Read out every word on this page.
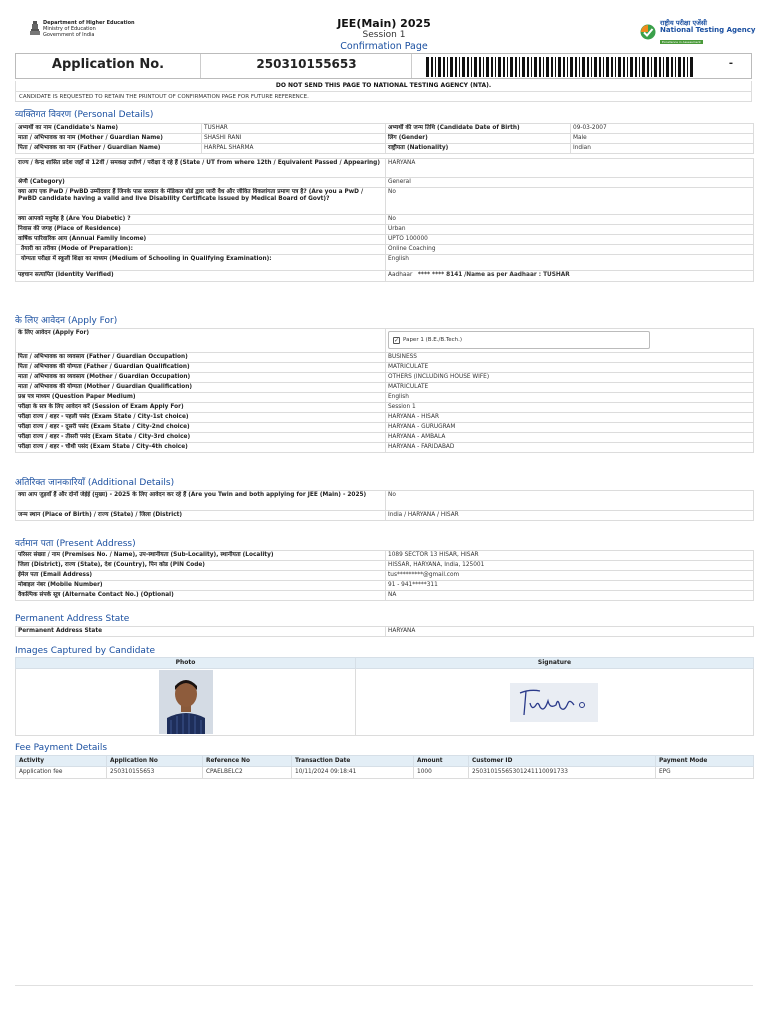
Department of Higher Education
Ministry of Education
Government of India
JEE(Main) 2025
Session 1
Confirmation Page
राष्ट्रीय परीक्षा एजेंसी
National Testing Agency
Excellence in Assessment
Application No.	250310155653	-
DO NOT SEND THIS PAGE TO NATIONAL TESTING AGENCY (NTA).
CANDIDATE IS REQUESTED TO RETAIN THE PRINTOUT OF CONFIRMATION PAGE FOR FUTURE REFERENCE.
व्यक्तिगत विवरण (Personal Details)
अभ्यर्थी का नाम (Candidate's Name)	TUSHAR	अभ्यर्थी की जन्म तिथि (Candidate Date of Birth)	09-03-2007
माता / अभिभावक का नाम (Mother / Guardian Name)	SHASHI RANI	लिंग (Gender)	Male
पिता / अभिभावक का नाम (Father / Guardian Name)	HARPAL SHARMA	राष्ट्रीयता (Nationality)	Indian
राज्य / केन्द्र शासित प्रदेश जहाँ से 12वीं / समकक्ष उत्तीर्ण / परीक्षा दे रहे हैं (State / UT from where 12th / Equivalent Passed / Appearing)	HARYANA
श्रेणी (Category)	General
क्या आप एक PwD / PwBD उम्मीदवार हैं जिनके पास सरकार के मेडिकल बोर्ड द्वारा जारी वैध और जीवित विकलांगता प्रमाण पत्र है? (Are you a PwD / PwBD candidate having a valid and live Disability Certificate issued by Medical Board of Govt)?	No
क्या आपको मधुमेह है (Are You Diabetic) ?	No
निवास की जगह (Place of Residence)	Urban
वार्षिक पारिवारिक आय (Annual Family Income)	UPTO 100000
तैयारी का तरीका (Mode of Preparation):	Online Coaching
योग्यता परीक्षा में स्कूली शिक्षा का माध्यम (Medium of Schooling in Qualifying Examination):	English
पहचान सत्यापित (Identity Verified)	Aadhaar **** **** 8141 /Name as per Aadhaar : TUSHAR
के लिए आवेदन (Apply For)
के लिए आवेदन (Apply For)	✓ Paper 1 (B.E./B.Tech.)

पिता / अभिभावक का व्यवसाय (Father / Guardian Occupation)	BUSINESS
पिता / अभिभावक की योग्यता (Father / Guardian Qualification)	MATRICULATE
माता / अभिभावक का व्यवसाय (Mother / Guardian Occupation)	OTHERS (INCLUDING HOUSE WIFE)
माता / अभिभावक की योग्यता (Mother / Guardian Qualification)	MATRICULATE
प्रश्न पत्र माध्यम (Question Paper Medium)	English
परीक्षा के सत्र के लिए आवेदन करें (Session of Exam Apply For)	Session 1
परीक्षा राज्य / शहर - पहली पसंद (Exam State / City-1st choice)	HARYANA - HISAR
परीक्षा राज्य / शहर - दूसरी पसंद (Exam State / City-2nd choice)	HARYANA - GURUGRAM
परीक्षा राज्य / शहर - तीसरी पसंद (Exam State / City-3rd choice)	HARYANA - AMBALA
परीक्षा राज्य / शहर - चौथी पसंद (Exam State / City-4th choice)	HARYANA - FARIDABAD
अतिरिक्त जानकारियाँ (Additional Details)
क्या आप जुड़वाँ हैं और दोनों जेईई (मुख्य) - 2025 के लिए आवेदन कर रहे हैं (Are you Twin and both applying for JEE (Main) - 2025)	No
जन्म स्थान (Place of Birth) / राज्य (State) / जिला (District)	India / HARYANA / HISAR
वर्तमान पता (Present Address)
परिसर संख्या / नाम (Premises No. / Name), उप-स्थानीयता (Sub-Locality), स्थानीयता (Locality)	1089 SECTOR 13 HISAR, HISAR
जिला (District), राज्य (State), देश (Country), पिन कोड (PIN Code)	HISSAR, HARYANA, India, 125001
ईमेल पता (Email Address)	tus*********@gmail.com
मोबाइल नंबर (Mobile Number)	91 - 941*****311
वैकल्पिक संपर्क सूत्र (Alternate Contact No.) (Optional)	NA
Permanent Address State
Permanent Address State	HARYANA
Images Captured by Candidate
Photo	Signature

Fee Payment Details
Activity	Application No	Reference No	Transaction Date	Amount	Customer ID	Payment Mode
Application fee	250310155653	CPAELBELC2	10/11/2024 09:18:41	1000	250310155653012411100917​33	EPG
